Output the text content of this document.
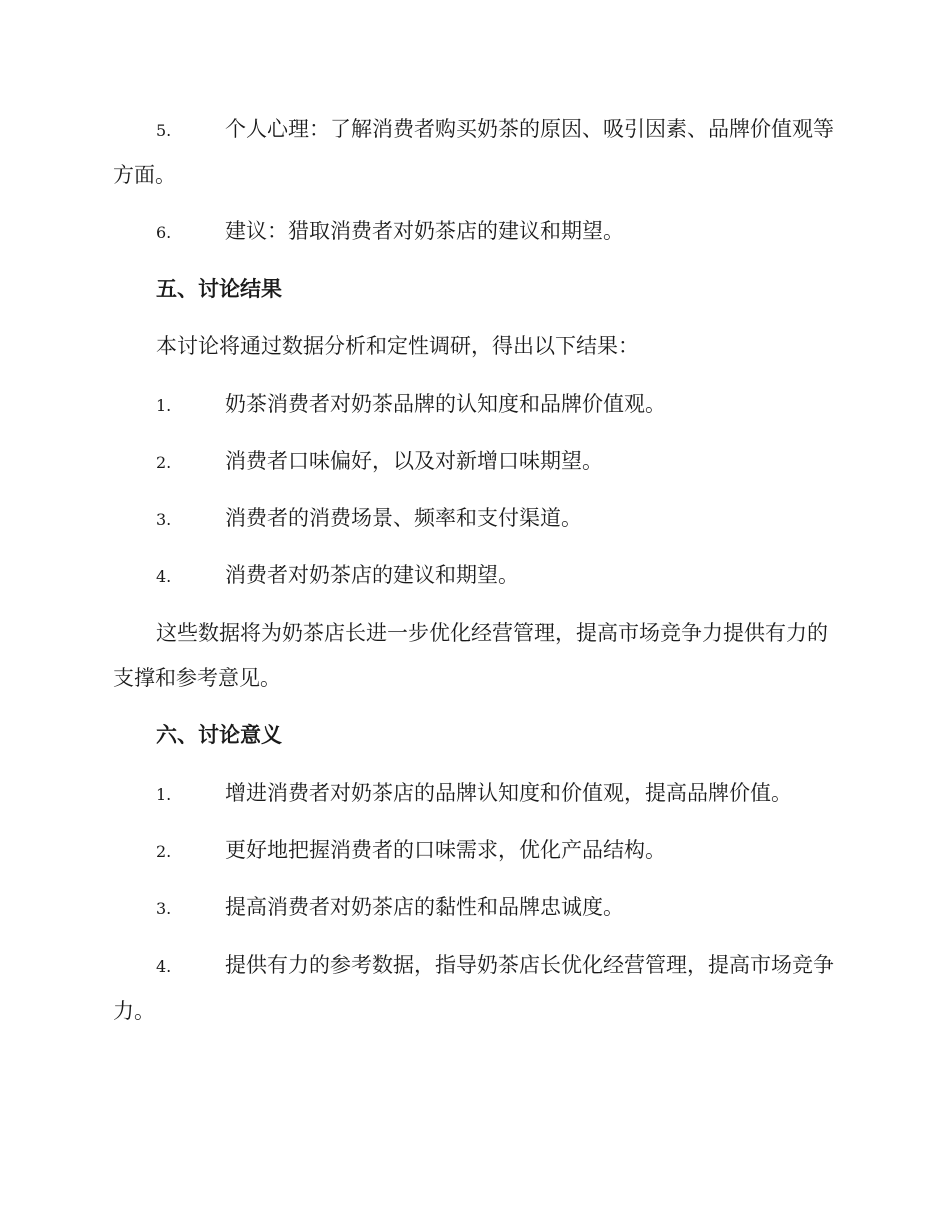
5.	个人心理：了解消费者购买奶茶的原因、吸引因素、品牌价值观等方面。
6.	建议：猎取消费者对奶茶店的建议和期望。
五、讨论结果
本讨论将通过数据分析和定性调研，得出以下结果：
1.	奶茶消费者对奶茶品牌的认知度和品牌价值观。
2.	消费者口味偏好，以及对新增口味期望。
3.	消费者的消费场景、频率和支付渠道。
4.	消费者对奶茶店的建议和期望。
这些数据将为奶茶店长进一步优化经营管理，提高市场竞争力提供有力的支撑和参考意见。
六、讨论意义
1.	增进消费者对奶茶店的品牌认知度和价值观，提高品牌价值。
2.	更好地把握消费者的口味需求，优化产品结构。
3.	提高消费者对奶茶店的黏性和品牌忠诚度。
4.	提供有力的参考数据，指导奶茶店长优化经营管理，提高市场竞争力。
